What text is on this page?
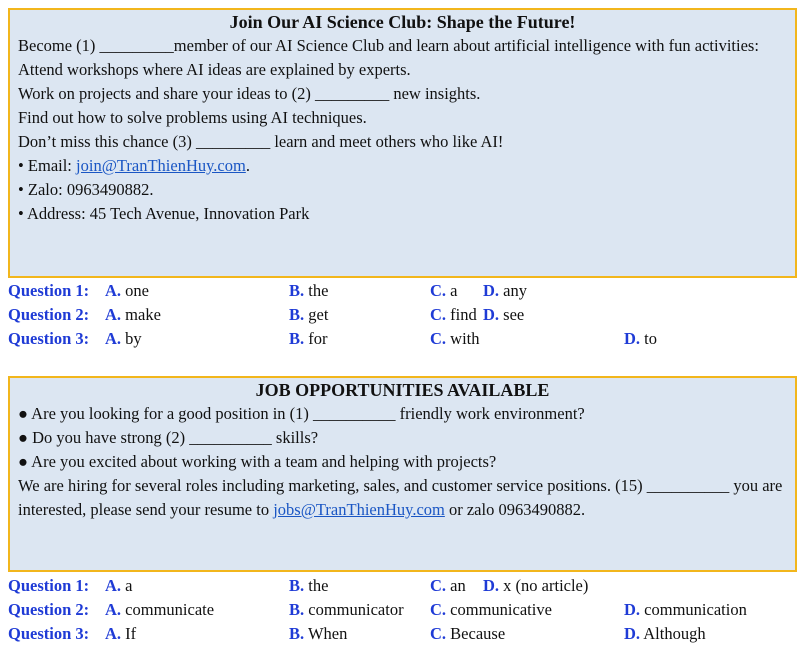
Join Our AI Science Club: Shape the Future!
Become (1) _________member of our AI Science Club and learn about artificial intelligence with fun activities:
Attend workshops where AI ideas are explained by experts.
Work on projects and share your ideas to (2) _________ new insights.
Find out how to solve problems using AI techniques.
Don’t miss this chance (3) _________ learn and meet others who like AI!
• Email: join@TranThienHuy.com.
• Zalo: 0963490882.
• Address: 45 Tech Avenue, Innovation Park
Question 1: A. one	B. the	C. a D. any
Question 2: A. make	B. get	C. find D. see
Question 3: A. by	B. for	C. with	D. to
JOB OPPORTUNITIES AVAILABLE
● Are you looking for a good position in (1) __________ friendly work environment?
● Do you have strong (2) __________ skills?
● Are you excited about working with a team and helping with projects?
We are hiring for several roles including marketing, sales, and customer service positions. (15) __________ you are interested, please send your resume to jobs@TranThienHuy.com or zalo 0963490882.
Question 1: A. a	B. the	C. an D. x (no article)
Question 2: A. communicate	B. communicator C. communicative	D. communication
Question 3: A. If	B. When	C. Because	D. Although
